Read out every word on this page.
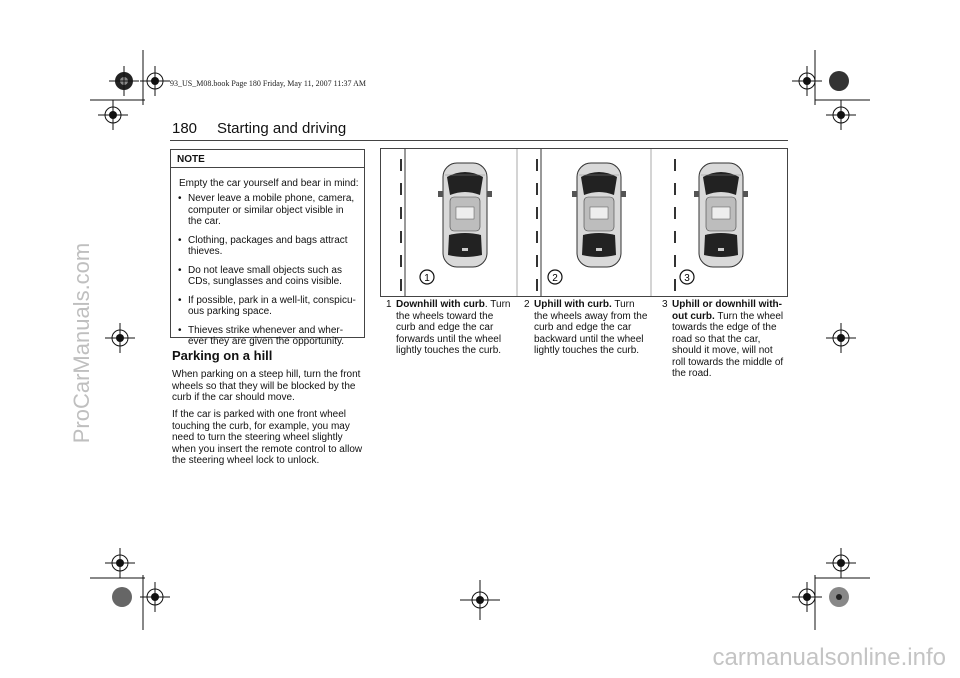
93_US_M08.book Page 180 Friday, May 11, 2007 11:37 AM
ProCarManuals.com
carmanualsonline.info
180 Starting and driving
NOTE
Empty the car yourself and bear in mind:
• Never leave a mobile phone, camera, computer or similar object visible in the car.
• Clothing, packages and bags attract thieves.
• Do not leave small objects such as CDs, sunglasses and coins visible.
• If possible, park in a well-lit, conspicu-ous parking space.
• Thieves strike whenever and wher-ever they are given the opportunity.
Parking on a hill
When parking on a steep hill, turn the front wheels so that they will be blocked by the curb if the car should move.
If the car is parked with one front wheel touching the curb, for example, you may need to turn the steering wheel slightly when you insert the remote control to allow the steering wheel lock to unlock.
1	2	3
1 Downhill with curb. Turn the wheels toward the curb and edge the car forwards until the wheel lightly touches the curb.
2 Uphill with curb. Turn the wheels away from the curb and edge the car backward until the wheel lightly touches the curb.
3 Uphill or downhill with-out curb. Turn the wheel towards the edge of the road so that the car, should it move, will not roll towards the middle of the road.
